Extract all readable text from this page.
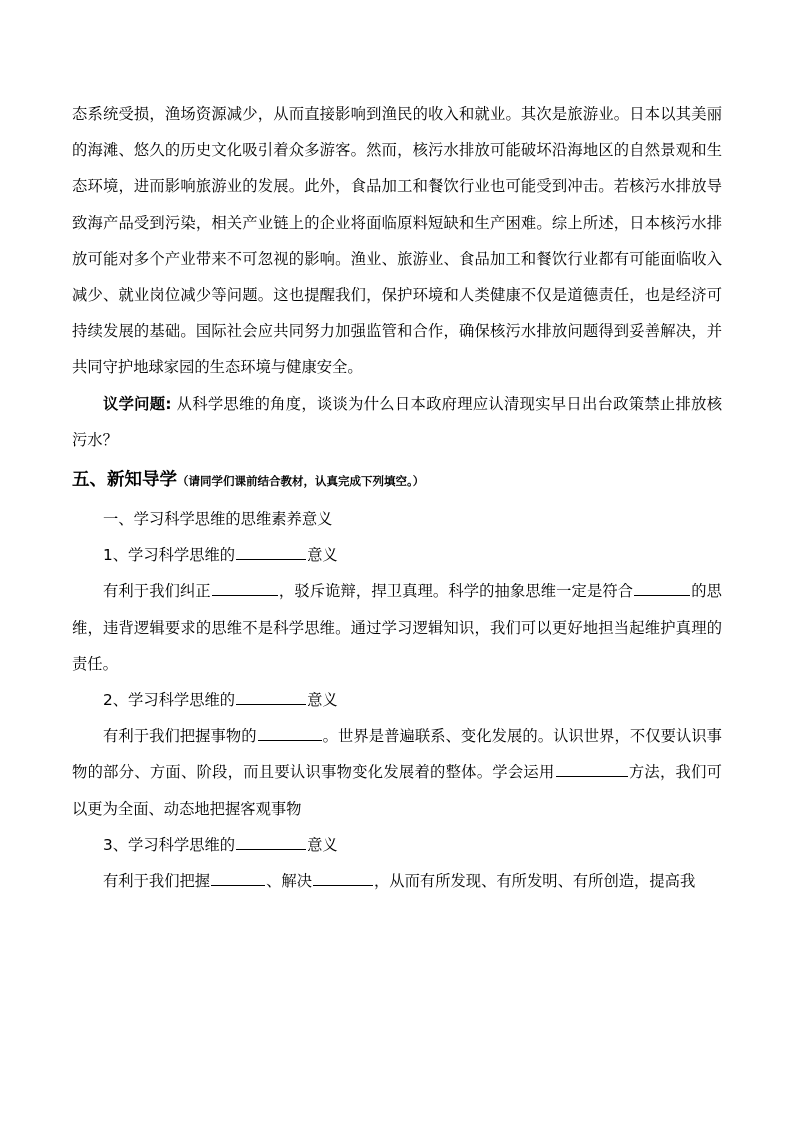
态系统受损，渔场资源减少，从而直接影响到渔民的收入和就业。其次是旅游业。日本以其美丽的海滩、悠久的历史文化吸引着众多游客。然而，核污水排放可能破坏沿海地区的自然景观和生态环境，进而影响旅游业的发展。此外，食品加工和餐饮行业也可能受到冲击。若核污水排放导致海产品受到污染，相关产业链上的企业将面临原料短缺和生产困难。综上所述，日本核污水排放可能对多个产业带来不可忽视的影响。渔业、旅游业、食品加工和餐饮行业都有可能面临收入减少、就业岗位减少等问题。这也提醒我们，保护环境和人类健康不仅是道德责任，也是经济可持续发展的基础。国际社会应共同努力加强监管和合作，确保核污水排放问题得到妥善解决，并共同守护地球家园的生态环境与健康安全。

议学问题: 从科学思维的角度，谈谈为什么日本政府理应认清现实早日出台政策禁止排放核污水？

五、新知导学（请同学们课前结合教材，认真完成下列填空。）

一、学习科学思维的思维素养意义

1、学习科学思维的	意义

有利于我们纠正	，驳斥诡辩，捍卫真理。科学的抽象思维一定是符合	的思维，违背逻辑要求的思维不是科学思维。通过学习逻辑知识，我们可以更好地担当起维护真理的责任。

2、学习科学思维的	意义

有利于我们把握事物的	。世界是普遍联系、变化发展的。认识世界，不仅要认识事物的部分、方面、阶段，而且要认识事物变化发展着的整体。学会运用	方法，我们可以更为全面、动态地把握客观事物

3、学习科学思维的	意义

有利于我们把握	、解决	，从而有所发现、有所发明、有所创造，提高我
